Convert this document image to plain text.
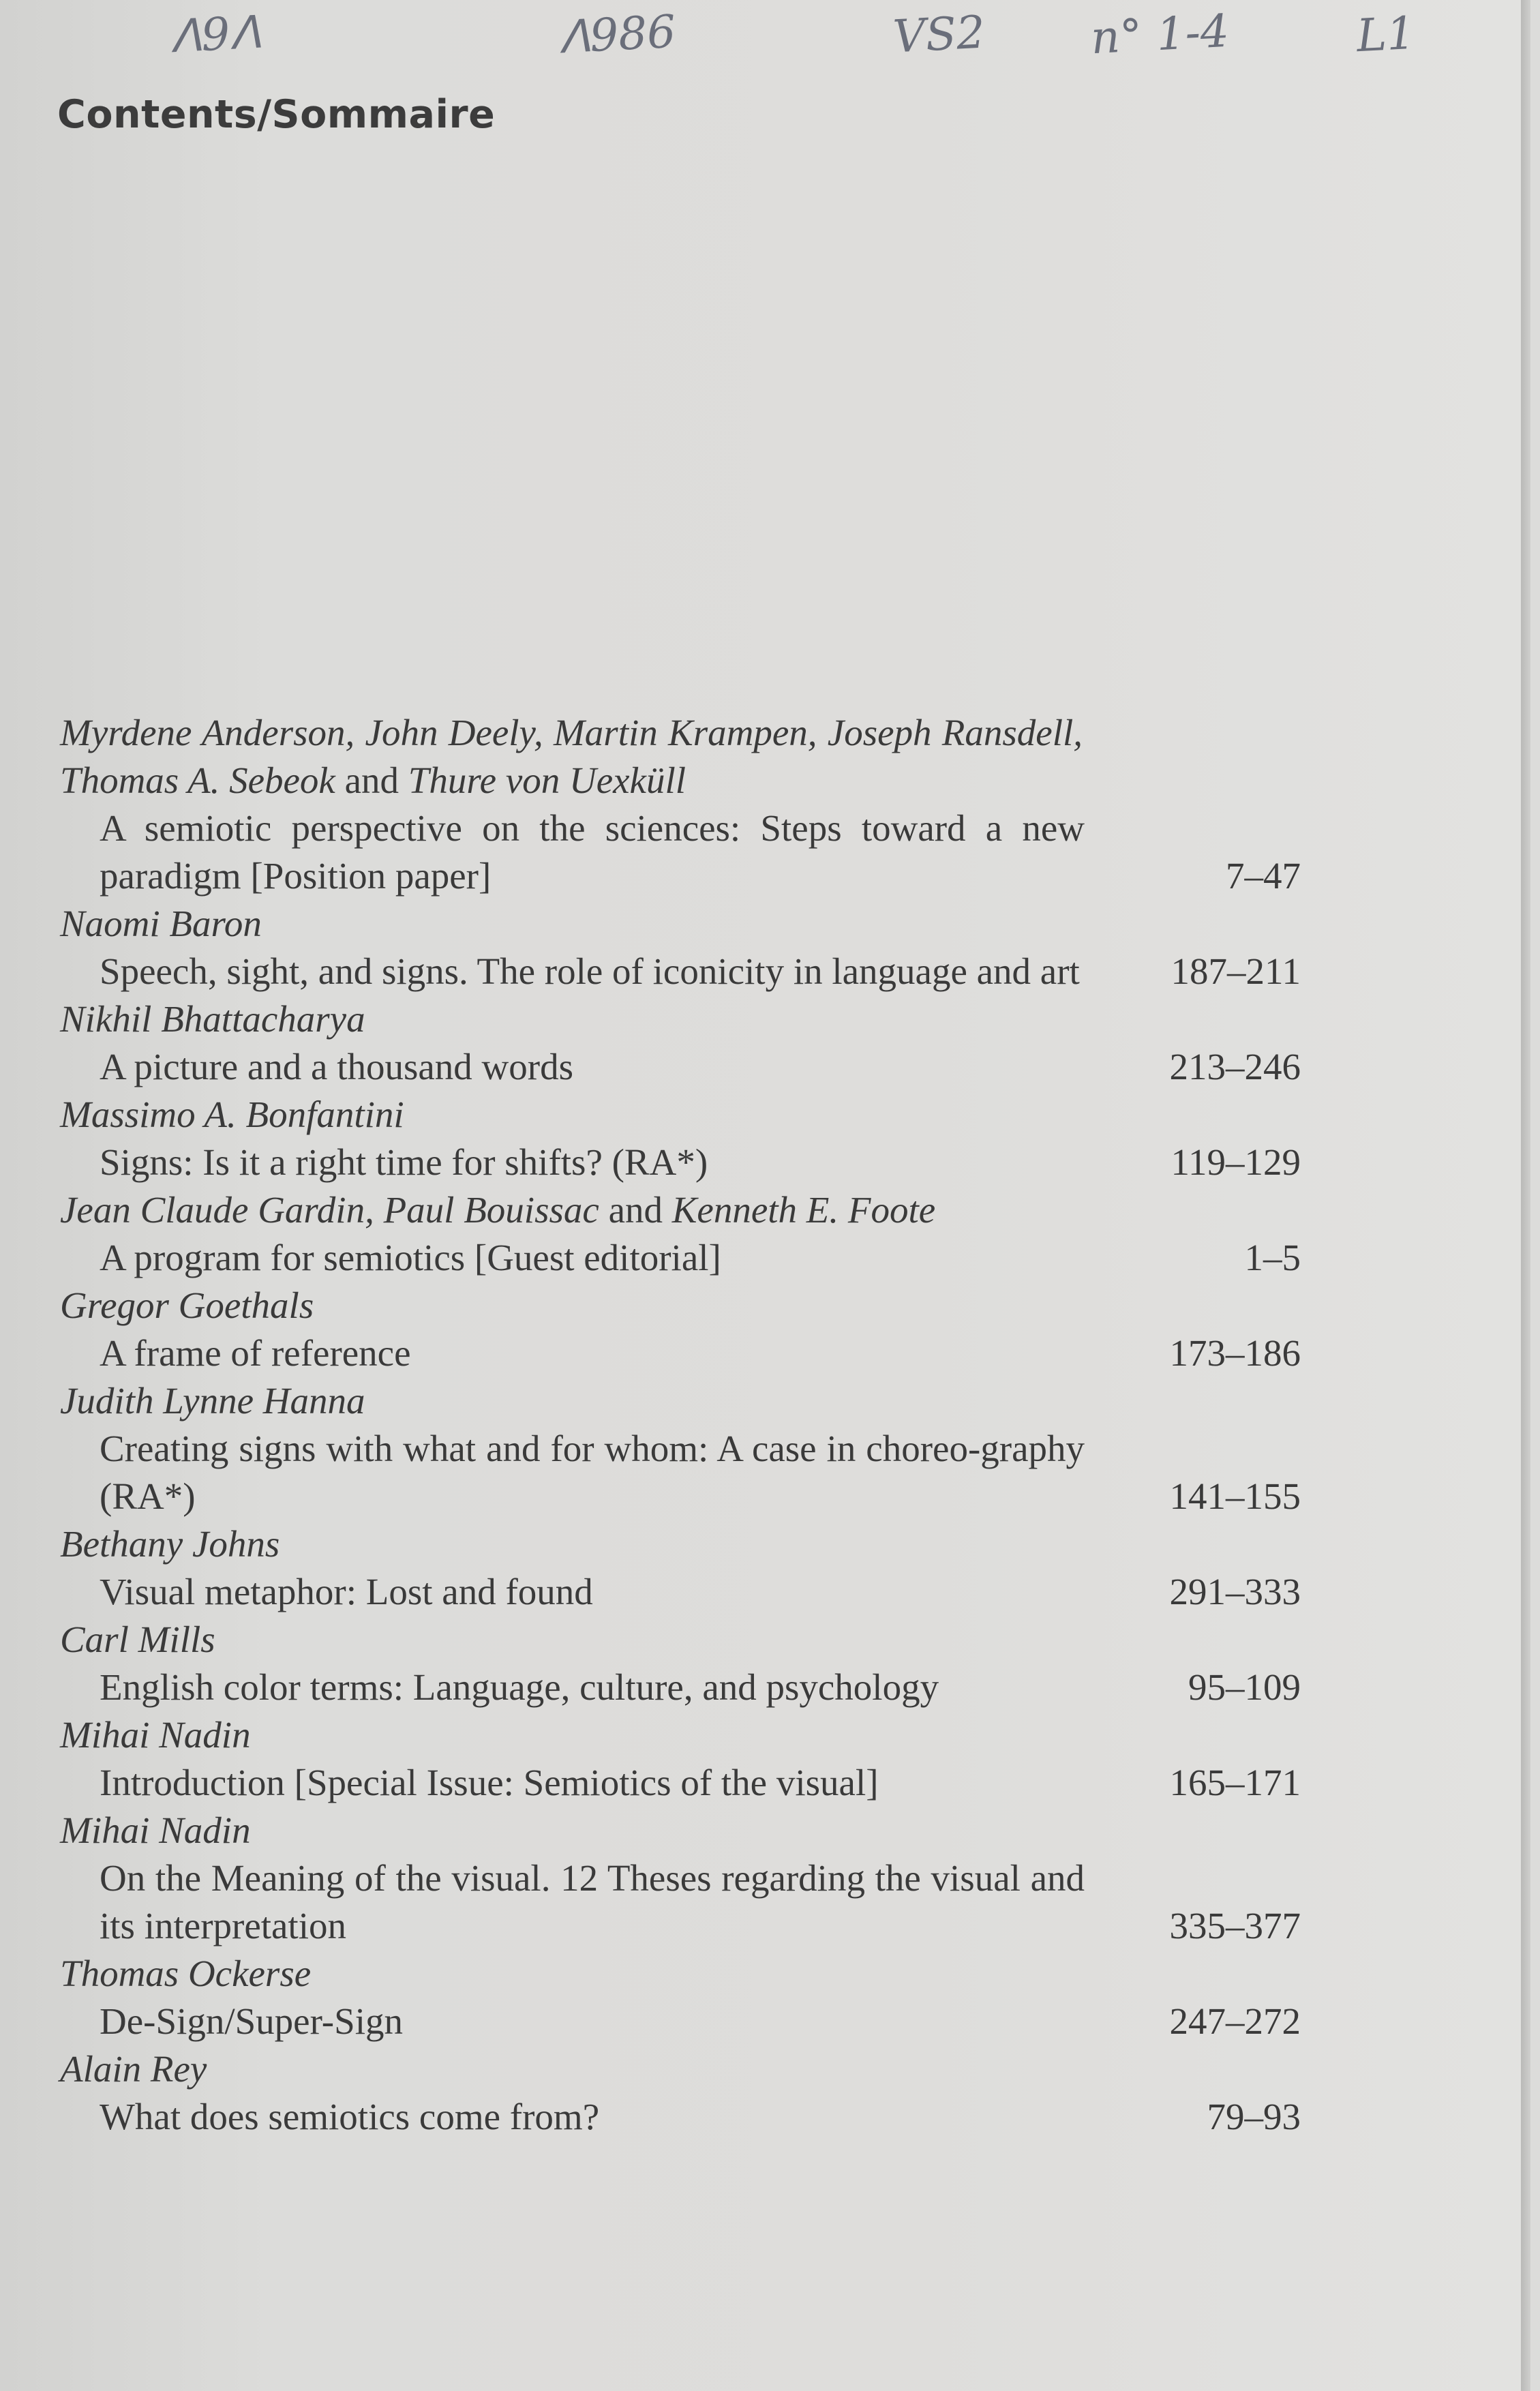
ᐱ9ᐱ	ᐱ986	VS2 n° 1-4	L1
Contents/Sommaire
Myrdene Anderson, John Deely, Martin Krampen, Joseph Ransdell, Thomas A. Sebeok and Thure von Uexküll
A semiotic perspective on the sciences: Steps toward a new paradigm [Position paper]	7–47
Naomi Baron
Speech, sight, and signs. The role of iconicity in language and art	187–211
Nikhil Bhattacharya
A picture and a thousand words	213–246
Massimo A. Bonfantini
Signs: Is it a right time for shifts? (RA*)	119–129
Jean Claude Gardin, Paul Bouissac and Kenneth E. Foote
A program for semiotics [Guest editorial]	1–5
Gregor Goethals
A frame of reference	173–186
Judith Lynne Hanna
Creating signs with what and for whom: A case in choreo-graphy (RA*)	141–155
Bethany Johns
Visual metaphor: Lost and found	291–333
Carl Mills
English color terms: Language, culture, and psychology	95–109
Mihai Nadin
Introduction [Special Issue: Semiotics of the visual]	165–171
Mihai Nadin
On the Meaning of the visual. 12 Theses regarding the visual and its interpretation	335–377
Thomas Ockerse
De-Sign/Super-Sign	247–272
Alain Rey
What does semiotics come from?	79–93
